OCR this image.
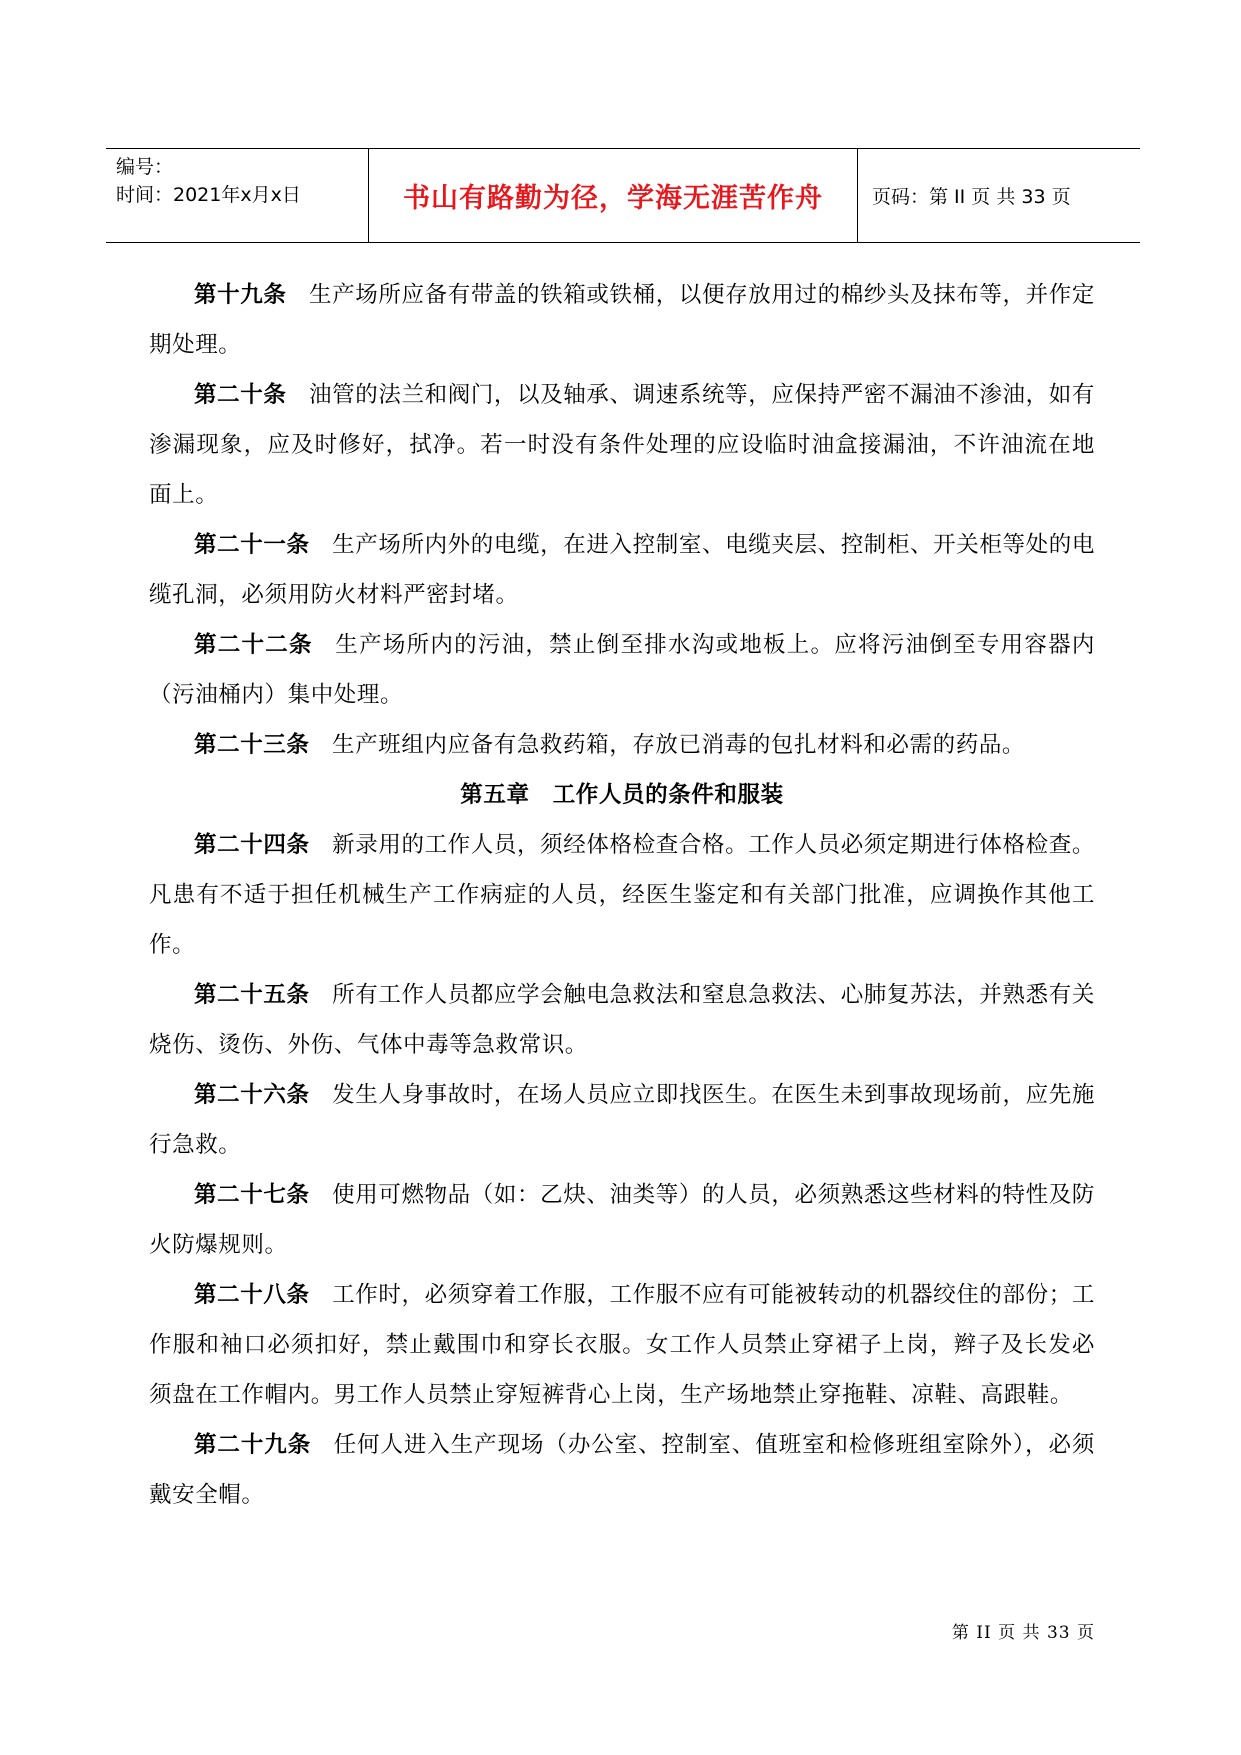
编号：
时间：2021年x月x日	书山有路勤为径，学海无涯苦作舟	页码：第 II 页 共 33 页

第十九条 生产场所应备有带盖的铁箱或铁桶，以便存放用过的棉纱头及抹布等，并作定期处理。

第二十条 油管的法兰和阀门，以及轴承、调速系统等，应保持严密不漏油不渗油，如有渗漏现象，应及时修好，拭净。若一时没有条件处理的应设临时油盒接漏油，不许油流在地面上。

第二十一条 生产场所内外的电缆，在进入控制室、电缆夹层、控制柜、开关柜等处的电缆孔洞，必须用防火材料严密封堵。

第二十二条 生产场所内的污油，禁止倒至排水沟或地板上。应将污油倒至专用容器内（污油桶内）集中处理。

第二十三条 生产班组内应备有急救药箱，存放已消毒的包扎材料和必需的药品。

第五章　工作人员的条件和服装

第二十四条 新录用的工作人员，须经体格检查合格。工作人员必须定期进行体格检查。凡患有不适于担任机械生产工作病症的人员，经医生鉴定和有关部门批准，应调换作其他工作。

第二十五条 所有工作人员都应学会触电急救法和窒息急救法、心肺复苏法，并熟悉有关烧伤、烫伤、外伤、气体中毒等急救常识。

第二十六条 发生人身事故时，在场人员应立即找医生。在医生未到事故现场前，应先施行急救。

第二十七条 使用可燃物品（如：乙炔、油类等）的人员，必须熟悉这些材料的特性及防火防爆规则。

第二十八条 工作时，必须穿着工作服，工作服不应有可能被转动的机器绞住的部份；工作服和袖口必须扣好，禁止戴围巾和穿长衣服。女工作人员禁止穿裙子上岗，辫子及长发必须盘在工作帽内。男工作人员禁止穿短裤背心上岗，生产场地禁止穿拖鞋、凉鞋、高跟鞋。

第二十九条 任何人进入生产现场（办公室、控制室、值班室和检修班组室除外），必须戴安全帽。

第 II 页 共 33 页
